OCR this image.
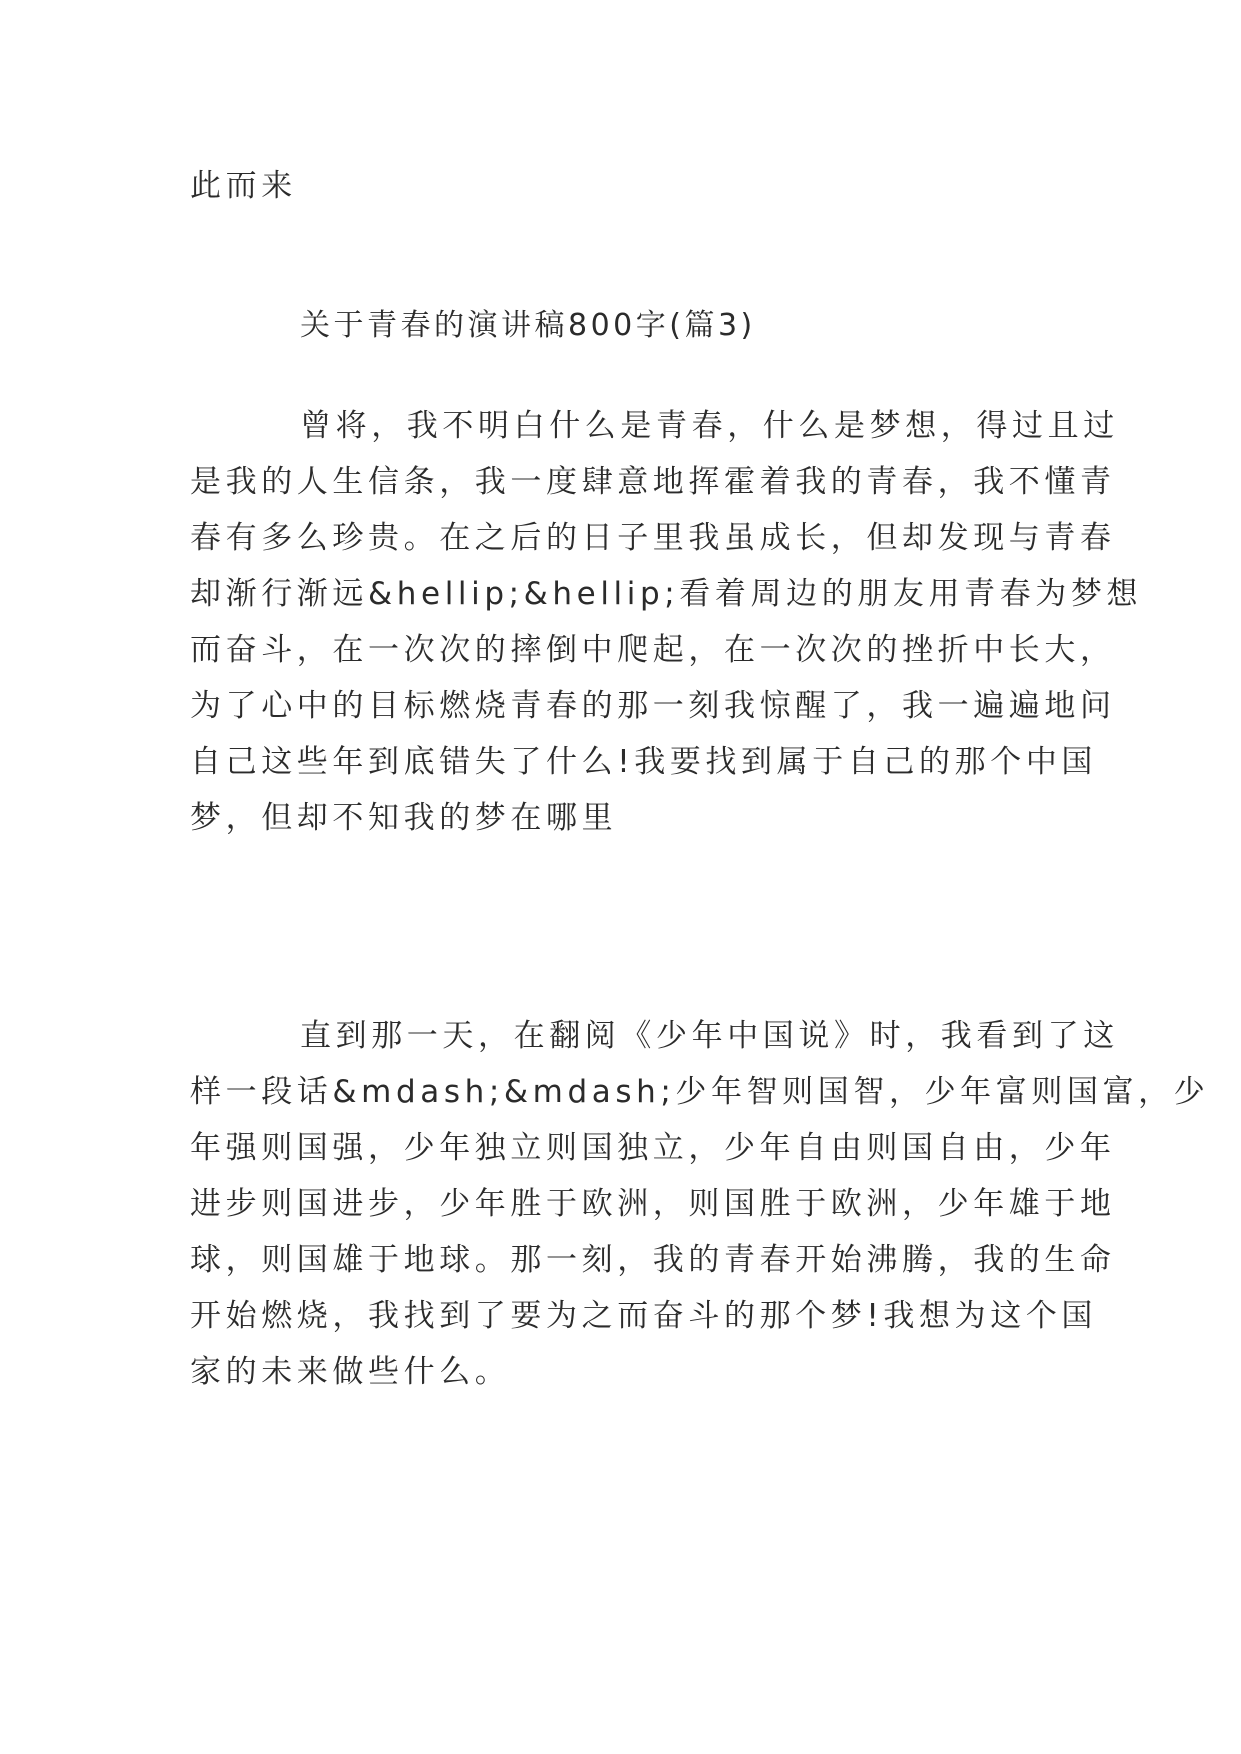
此而来
关于青春的演讲稿800字(篇3)
曾将，我不明白什么是青春，什么是梦想，得过且过
是我的人生信条，我一度肆意地挥霍着我的青春，我不懂青
春有多么珍贵。在之后的日子里我虽成长，但却发现与青春
却渐行渐远&hellip;&hellip;看着周边的朋友用青春为梦想
而奋斗，在一次次的摔倒中爬起，在一次次的挫折中长大，
为了心中的目标燃烧青春的那一刻我惊醒了，我一遍遍地问
自己这些年到底错失了什么!我要找到属于自己的那个中国
梦，但却不知我的梦在哪里
直到那一天，在翻阅《少年中国说》时，我看到了这
样一段话&mdash;&mdash;少年智则国智，少年富则国富，少
年强则国强，少年独立则国独立，少年自由则国自由，少年
进步则国进步，少年胜于欧洲，则国胜于欧洲，少年雄于地
球，则国雄于地球。那一刻，我的青春开始沸腾，我的生命
开始燃烧，我找到了要为之而奋斗的那个梦!我想为这个国
家的未来做些什么。
